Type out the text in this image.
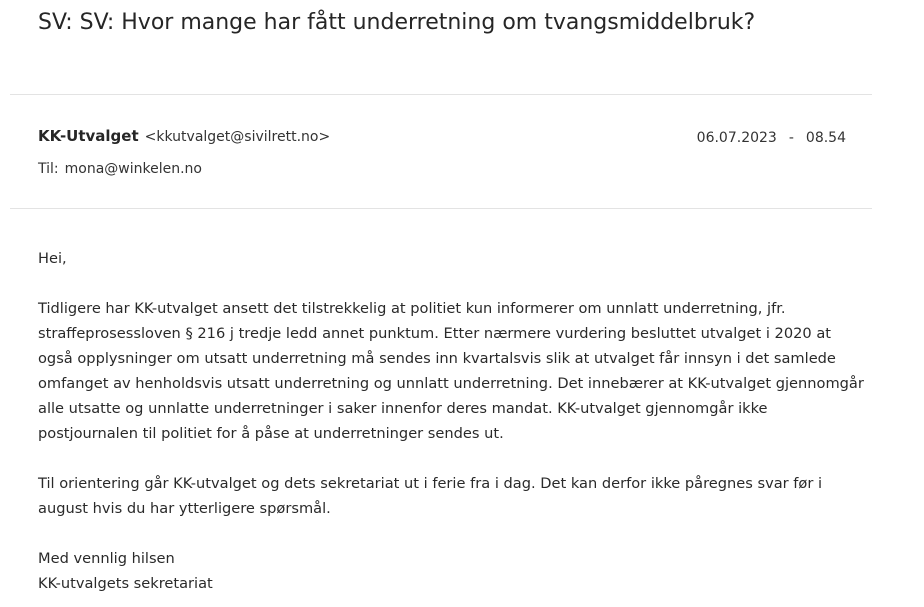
SV: SV: Hvor mange har fått underretning om tvangsmiddelbruk?
KK-Utvalget <kkutvalget@sivilrett.no>	06.07.2023 - 08.54
Til: mona@winkelen.no

Hei,

Tidligere har KK-utvalget ansett det tilstrekkelig at politiet kun informerer om unnlatt underretning, jfr. straffeprosessloven § 216 j tredje ledd annet punktum. Etter nærmere vurdering besluttet utvalget i 2020 at også opplysninger om utsatt underretning må sendes inn kvartalsvis slik at utvalget får innsyn i det samlede omfanget av henholdsvis utsatt underretning og unnlatt underretning. Det innebærer at KK-utvalget gjennomgår alle utsatte og unnlatte underretninger i saker innenfor deres mandat. KK-utvalget gjennomgår ikke postjournalen til politiet for å påse at underretninger sendes ut.

Til orientering går KK-utvalget og dets sekretariat ut i ferie fra i dag. Det kan derfor ikke påregnes svar før i august hvis du har ytterligere spørsmål.

Med vennlig hilsen

KK-utvalgets sekretariat
